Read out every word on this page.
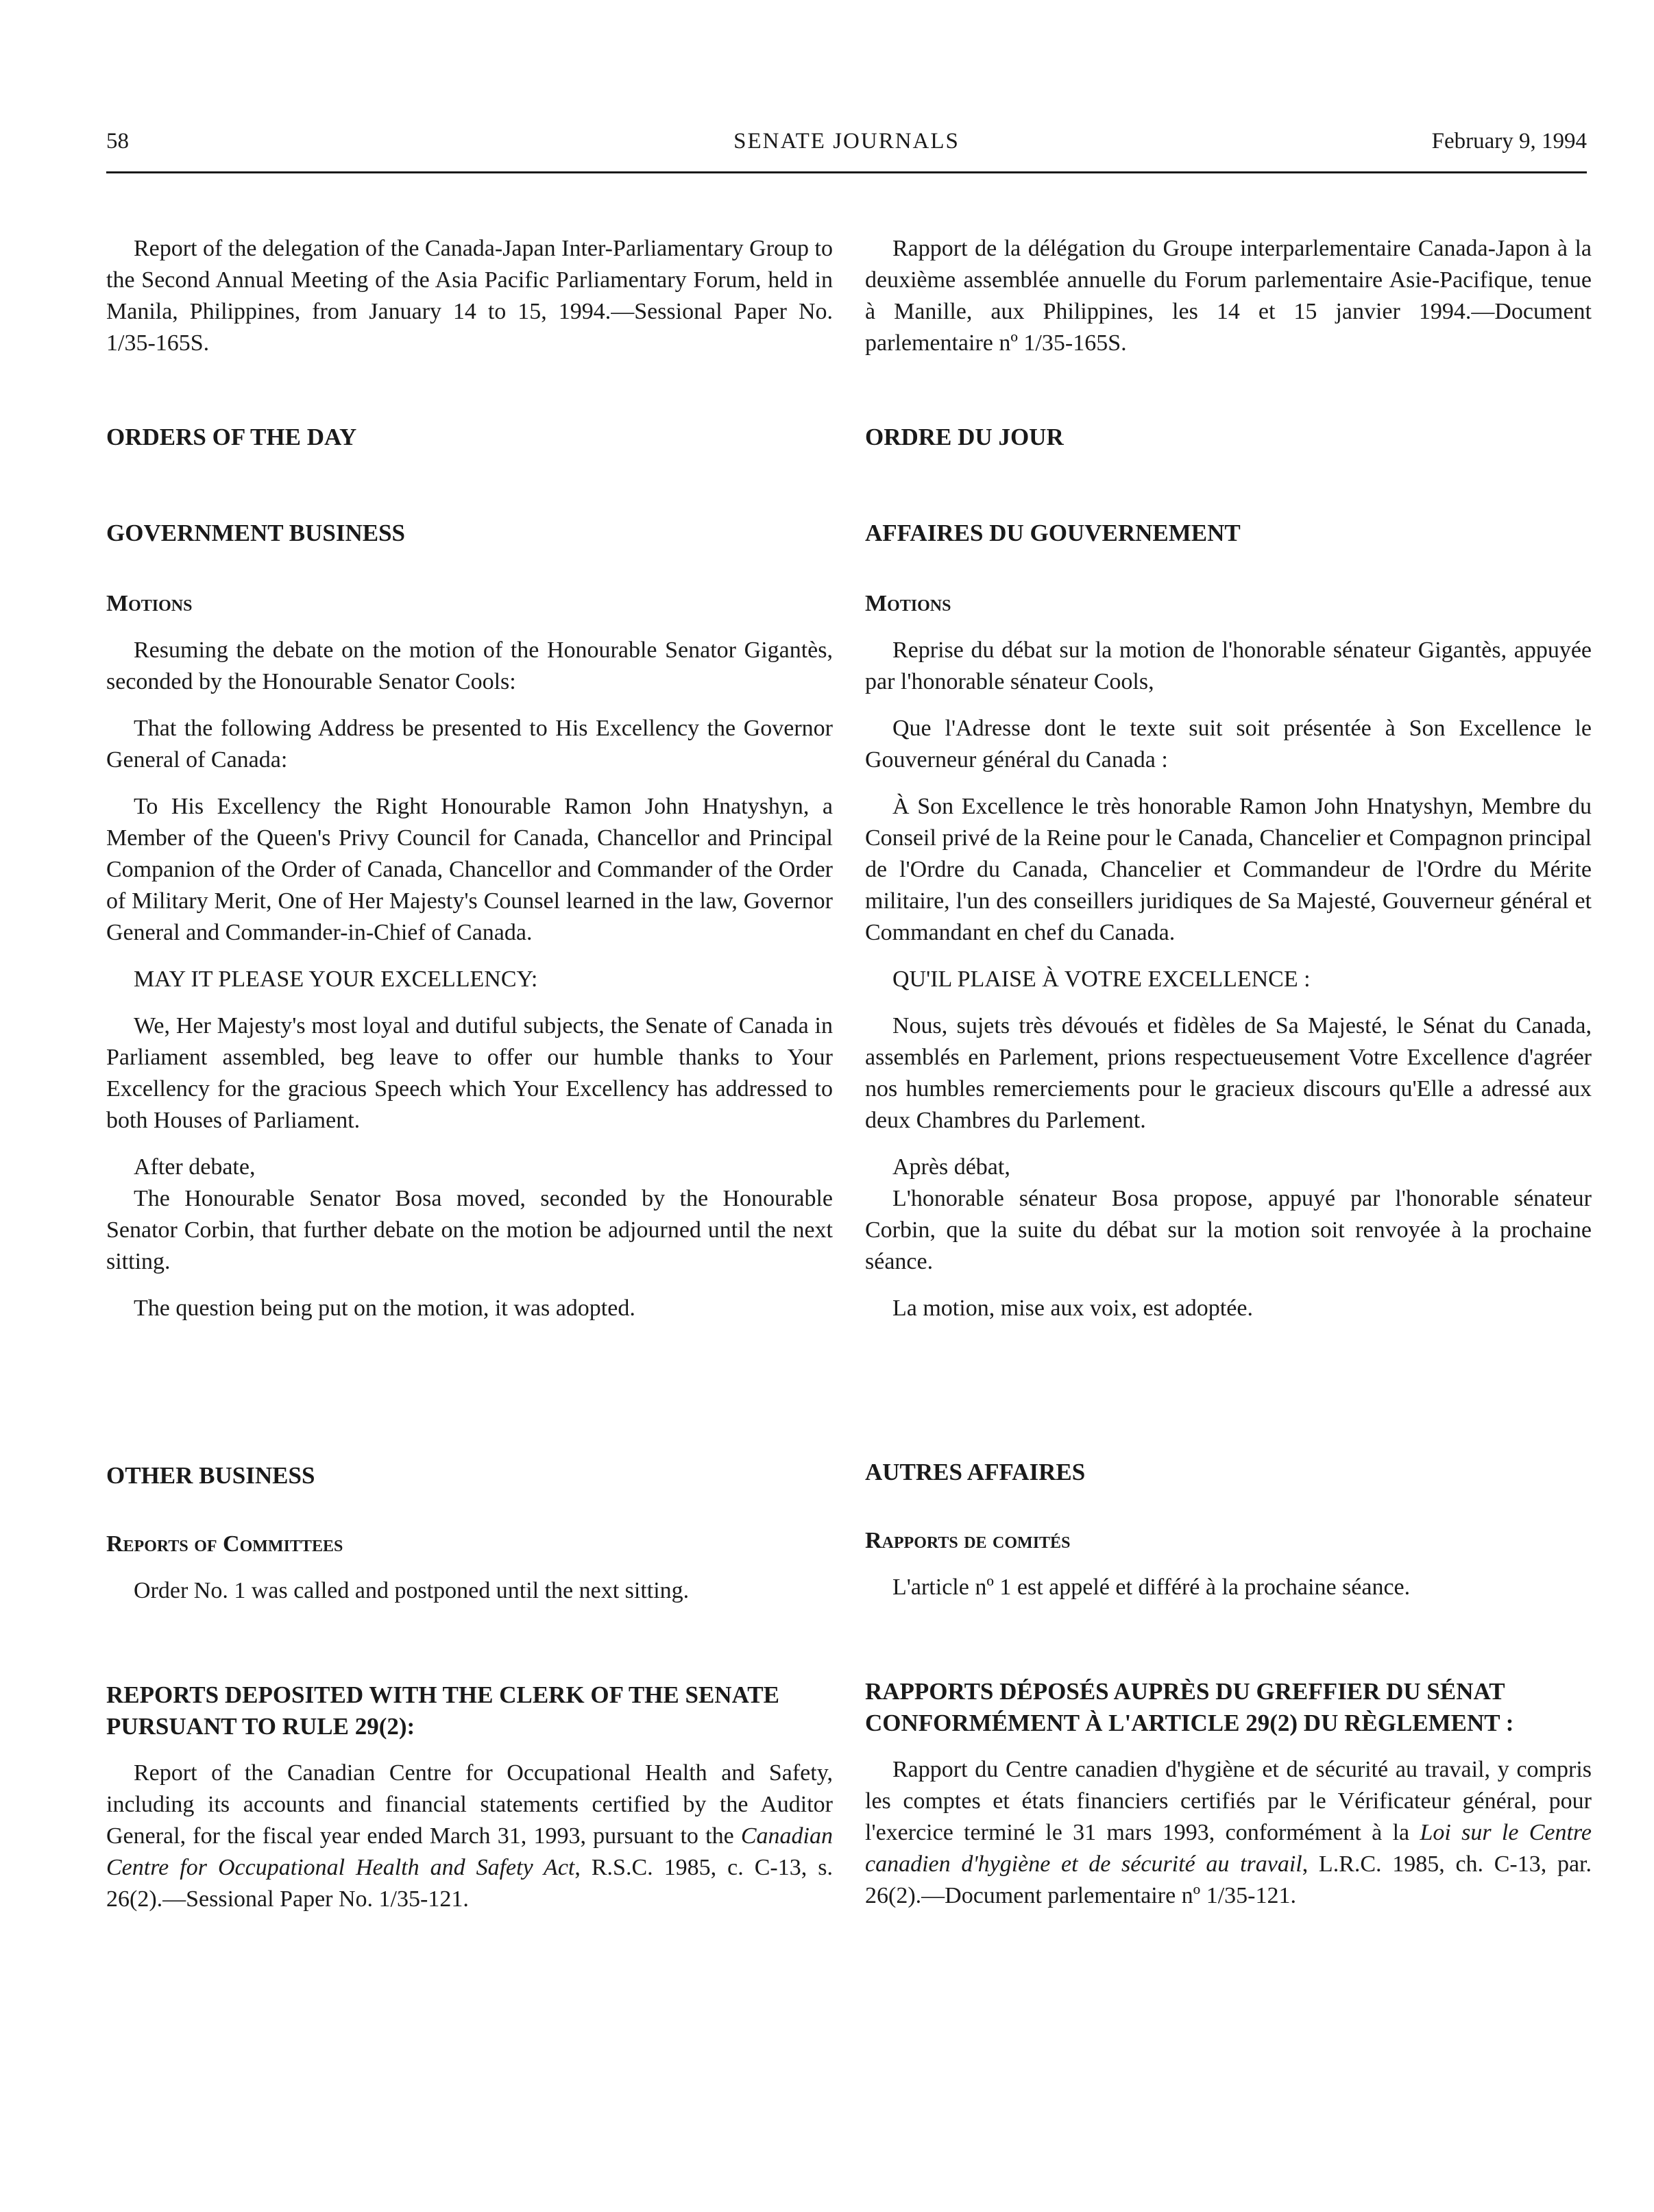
58	SENATE JOURNALS	February 9, 1994

Report of the delegation of the Canada-Japan Inter-Parliamentary Group to the Second Annual Meeting of the Asia Pacific Parliamentary Forum, held in Manila, Philippines, from January 14 to 15, 1994.—Sessional Paper No. 1/35-165S.

ORDERS OF THE DAY
GOVERNMENT BUSINESS
Motions

Resuming the debate on the motion of the Honourable Senator Gigantès, seconded by the Honourable Senator Cools:

That the following Address be presented to His Excellency the Governor General of Canada:

To His Excellency the Right Honourable Ramon John Hnatyshyn, a Member of the Queen's Privy Council for Canada, Chancellor and Principal Companion of the Order of Canada, Chancellor and Commander of the Order of Military Merit, One of Her Majesty's Counsel learned in the law, Governor General and Commander-in-Chief of Canada.

MAY IT PLEASE YOUR EXCELLENCY:

We, Her Majesty's most loyal and dutiful subjects, the Senate of Canada in Parliament assembled, beg leave to offer our humble thanks to Your Excellency for the gracious Speech which Your Excellency has addressed to both Houses of Parliament.

After debate,

The Honourable Senator Bosa moved, seconded by the Honourable Senator Corbin, that further debate on the motion be adjourned until the next sitting.

The question being put on the motion, it was adopted.

OTHER BUSINESS
Reports of Committees

Order No. 1 was called and postponed until the next sitting.

REPORTS DEPOSITED WITH THE CLERK OF THE SENATE PURSUANT TO RULE 29(2):

Report of the Canadian Centre for Occupational Health and Safety, including its accounts and financial statements certified by the Auditor General, for the fiscal year ended March 31, 1993, pursuant to the Canadian Centre for Occupational Health and Safety Act, R.S.C. 1985, c. C-13, s. 26(2).—Sessional Paper No. 1/35-121.

Rapport de la délégation du Groupe interparlementaire Canada-Japon à la deuxième assemblée annuelle du Forum parlementaire Asie-Pacifique, tenue à Manille, aux Philippines, les 14 et 15 janvier 1994.—Document parlementaire nº 1/35-165S.

ORDRE DU JOUR
AFFAIRES DU GOUVERNEMENT
Motions

Reprise du débat sur la motion de l'honorable sénateur Gigantès, appuyée par l'honorable sénateur Cools,

Que l'Adresse dont le texte suit soit présentée à Son Excellence le Gouverneur général du Canada :

À Son Excellence le très honorable Ramon John Hnatyshyn, Membre du Conseil privé de la Reine pour le Canada, Chancelier et Compagnon principal de l'Ordre du Canada, Chancelier et Commandeur de l'Ordre du Mérite militaire, l'un des conseillers juridiques de Sa Majesté, Gouverneur général et Commandant en chef du Canada.

QU'IL PLAISE À VOTRE EXCELLENCE :

Nous, sujets très dévoués et fidèles de Sa Majesté, le Sénat du Canada, assemblés en Parlement, prions respectueusement Votre Excellence d'agréer nos humbles remerciements pour le gracieux discours qu'Elle a adressé aux deux Chambres du Parlement.

Après débat,

L'honorable sénateur Bosa propose, appuyé par l'honorable sénateur Corbin, que la suite du débat sur la motion soit renvoyée à la prochaine séance.

La motion, mise aux voix, est adoptée.

AUTRES AFFAIRES
Rapports de comités

L'article nº 1 est appelé et différé à la prochaine séance.

RAPPORTS DÉPOSÉS AUPRÈS DU GREFFIER DU SÉNAT CONFORMÉMENT À L'ARTICLE 29(2) DU RÈGLEMENT :

Rapport du Centre canadien d'hygiène et de sécurité au travail, y compris les comptes et états financiers certifiés par le Vérificateur général, pour l'exercice terminé le 31 mars 1993, conformément à la Loi sur le Centre canadien d'hygiène et de sécurité au travail, L.R.C. 1985, ch. C-13, par. 26(2).—Document parlementaire nº 1/35-121.
